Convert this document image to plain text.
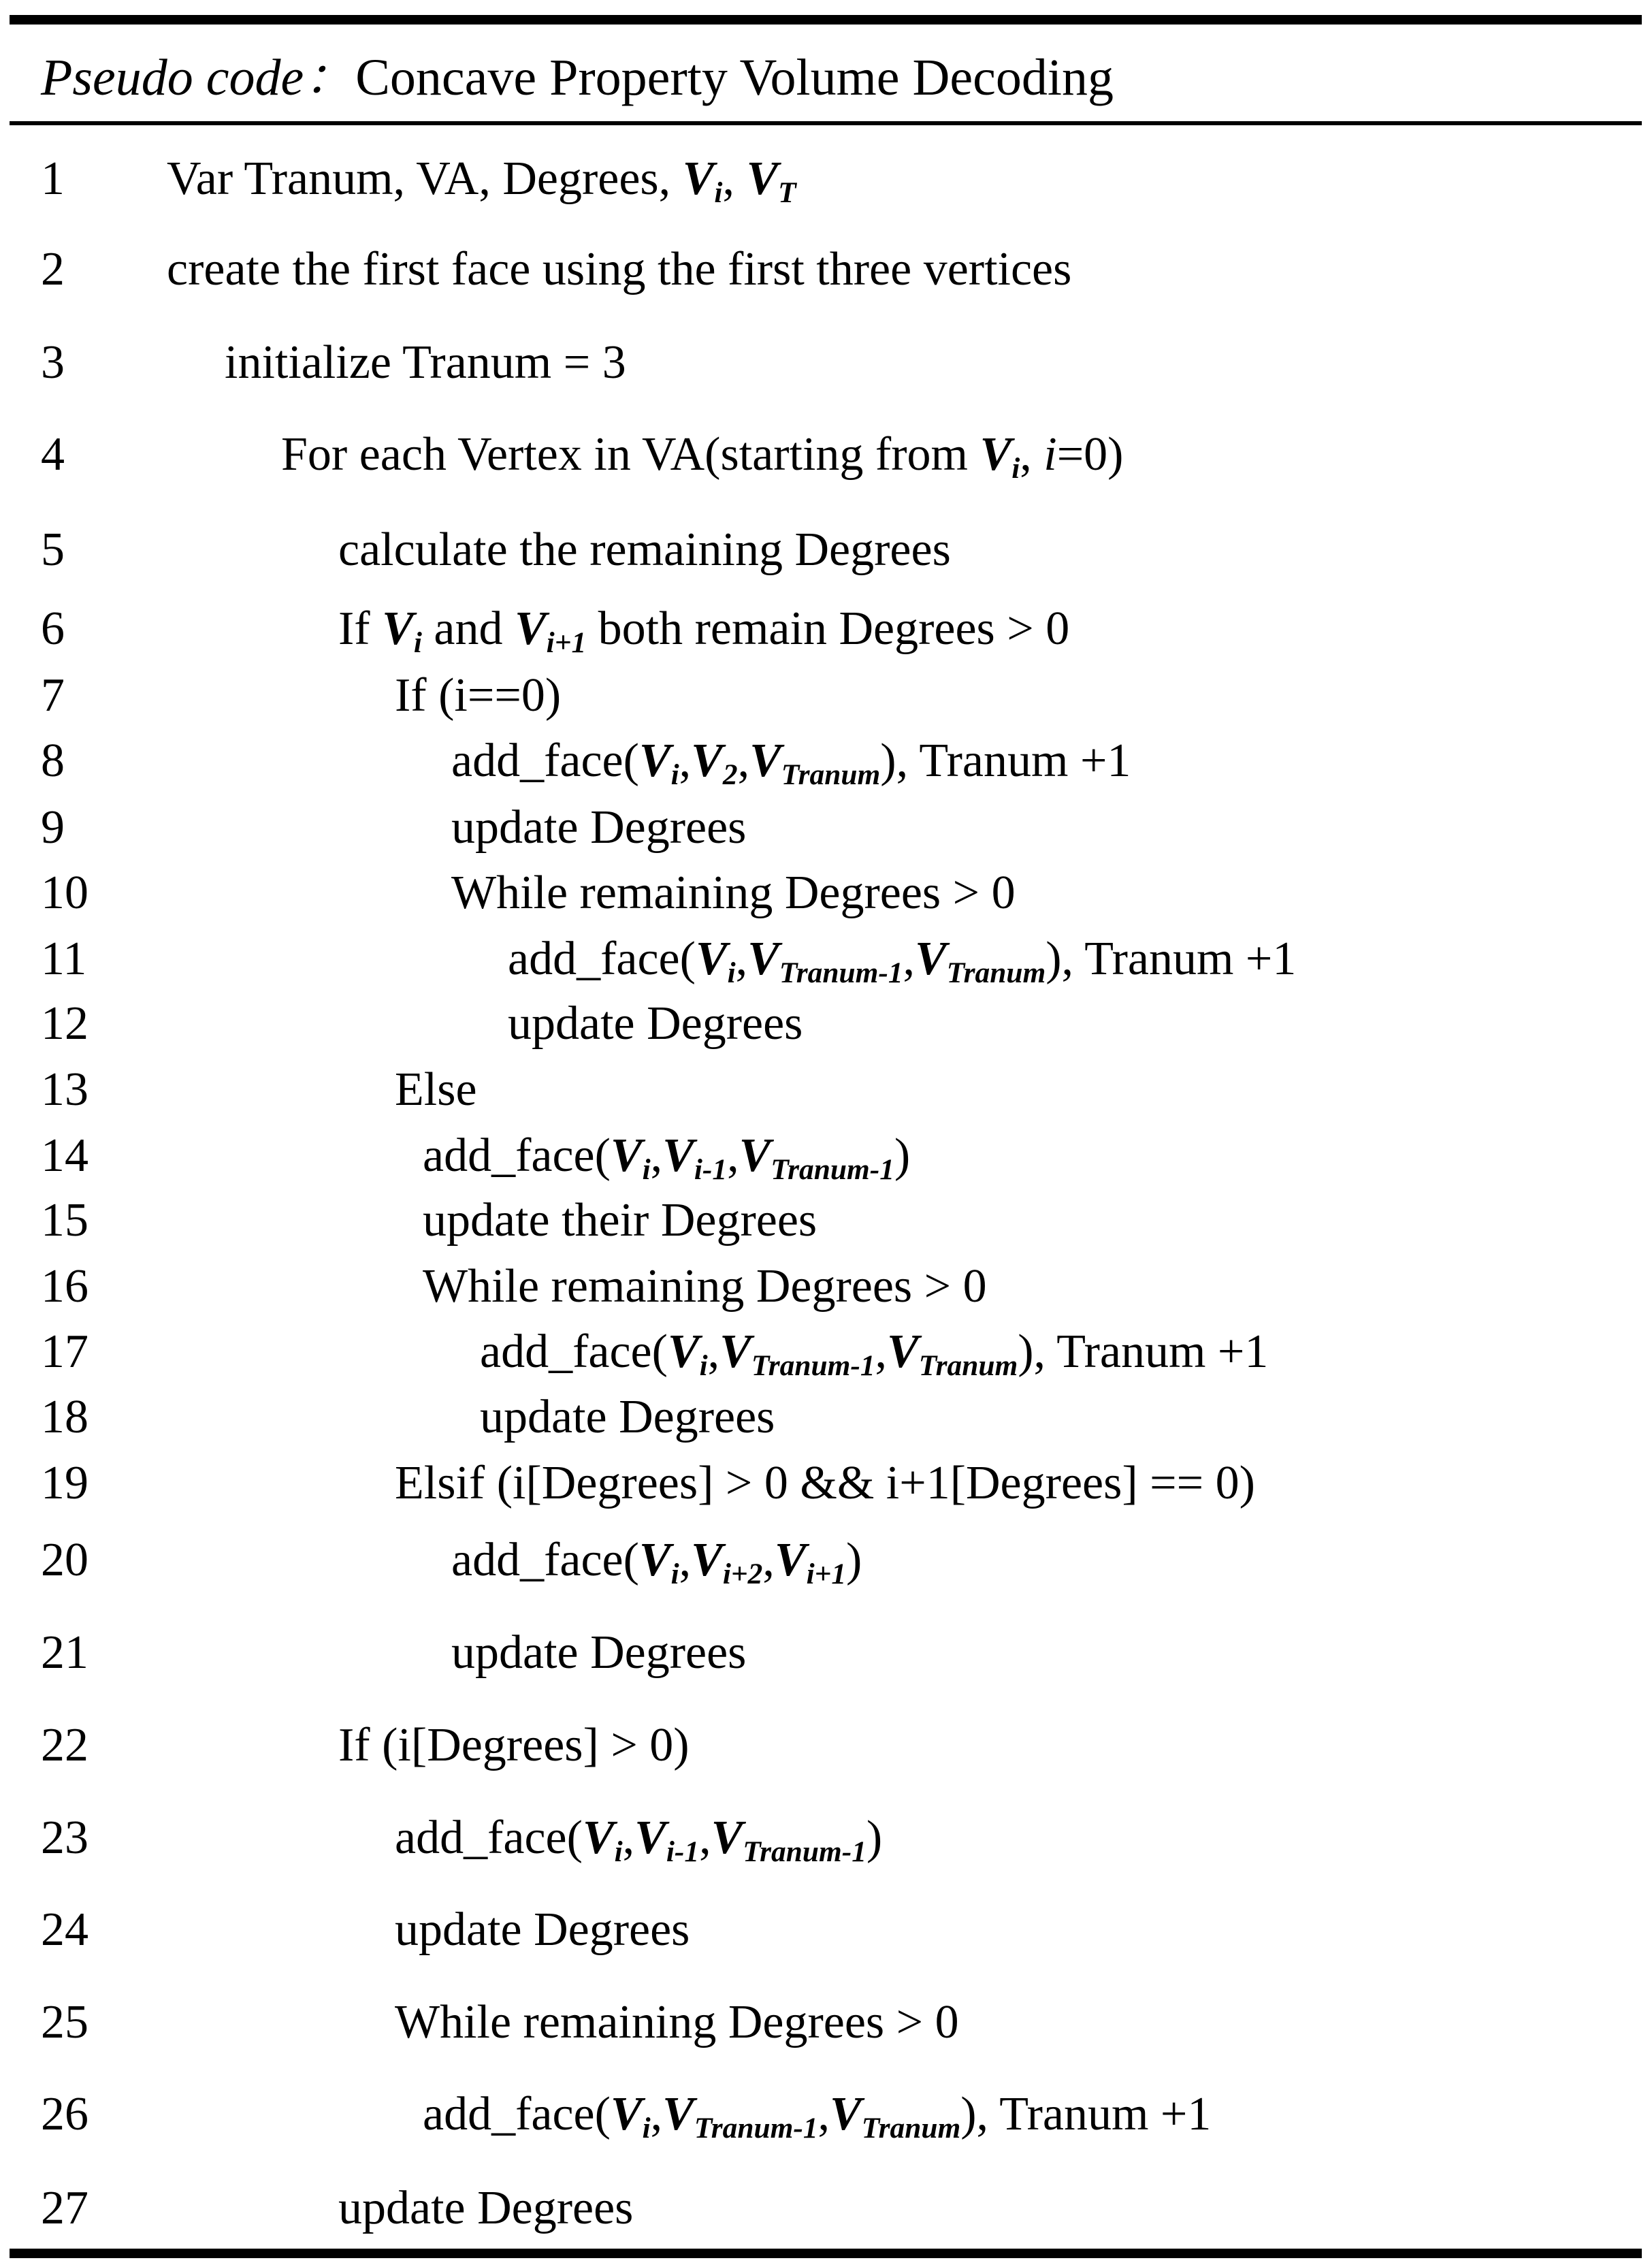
Pseudo code：Concave Property Volume Decoding
1 Var Tranum, VA, Degrees, $V_i$, $V_T$
2 create the first face using the first three vertices
3	initialize Tranum = 3
4	For each Vertex in VA(starting from $V_i$, i=0)
5	calculate the remaining Degrees
6	If $V_i$ and $V_{i+1}$ both remain Degrees > 0
7	If (i==0)
8	$add\_face(V_i,V_2,V_{Tranum})$, Tranum +1
9	update Degrees
10	While remaining Degrees > 0
11	$add\_face(V_i,V_{Tranum-1},V_{Tranum})$, Tranum +1
12	update Degrees
13	Else
14	$add\_face(V_i,V_{i-1},V_{Tranum-1})$
15	update their Degrees
16	While remaining Degrees > 0
17	$add\_face(V_i,V_{Tranum-1},V_{Tranum})$, Tranum +1
18	update Degrees
19	Elsif (i[Degrees] > 0 && i+1[Degrees] == 0)
20	$add\_face(V_i,V_{i+2},V_{i+1})$
21	update Degrees
22	If (i[Degrees] > 0)
23	$add\_face(V_i,V_{i-1},V_{Tranum-1})$
24	update Degrees
25	While remaining Degrees > 0
26	$add\_face(V_i,V_{Tranum-1},V_{Tranum})$, Tranum +1
27	update Degrees
